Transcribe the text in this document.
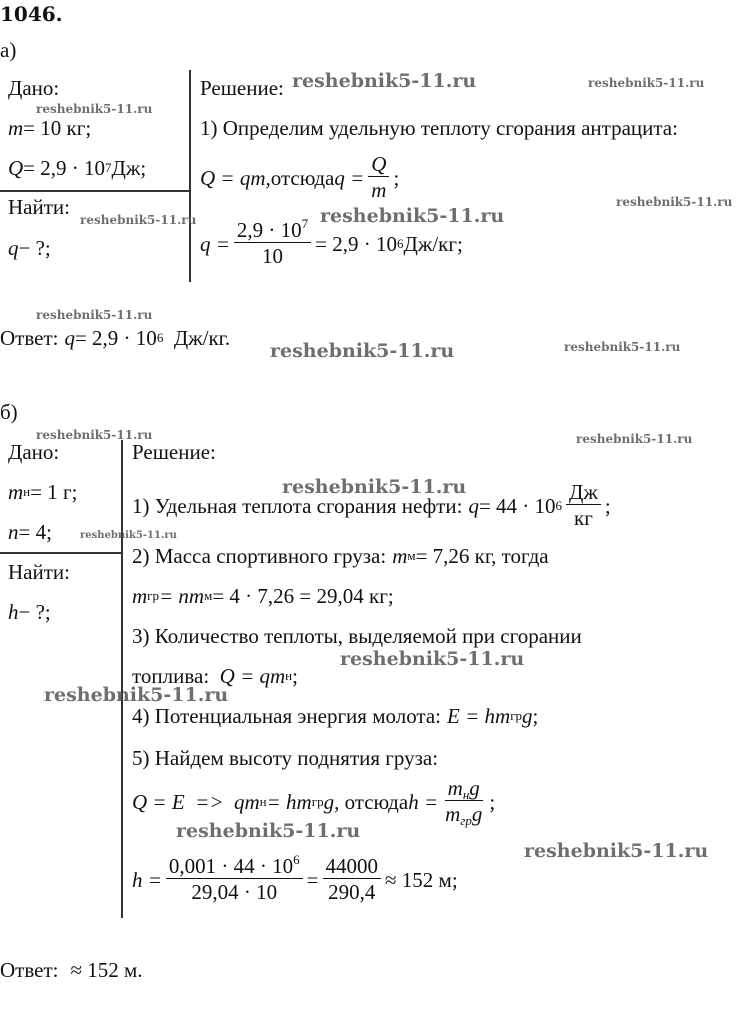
1046.
а)
Дано:
m = 10 кг;
Q = 2,9 · 10 7 Дж;
Найти:
q − ?;
Решение:
1) Определим удельную теплоту сгорания антрацита:
Q = qm, отсюда $q = \frac{Q}{m}$ ;
$q = \frac{2,9 \cdot 10^7}{10} = 2,9 \cdot 10$ 6 Дж/кг;
Ответ: q = 2,9 · 10 6 Дж/кг.
б)
Дано:
m н = 1 г;
n = 4;
Найти:
h − ?;
Решение:
1) Удельная теплота сгорания нефти: q = 44 · 10 $6 \frac{Дж}{кг}$ ;
2) Масса спортивного груза: m м = 7,26 кг, тогда
m гр = nm м = 4 · 7,26 = 29,04 кг;
3) Количество теплоты, выделяемой при сгорании
топлива: Q = qm н ;
4) Потенциальная энергия молота: E = hm гр g ;
5) Найдем высоту поднятия груза:
Q = E  =>  qm н = hm гр g , отсюда $h = \frac{m_нg}{m_{гр}g}$ ;
$h = \frac{0,001 \cdot 44 \cdot 10^6}{29,04 \cdot 10} = \frac{44000}{290,4} \approx 152$ м;
Ответ: ≈ 152 м.
reshebnik5-11.ru	reshebnik5-11.ru
reshebnik5-11.ru
reshebnik5-11.ru
reshebnik5-11.ru
reshebnik5-11.ru
reshebnik5-11.ru
reshebnik5-11.ru	reshebnik5-11.ru
reshebnik5-11.ru	reshebnik5-11.ru
reshebnik5-11.ru
reshebnik5-11.ru
reshebnik5-11.ru
reshebnik5-11.ru
reshebnik5-11.ru
reshebnik5-11.ru
